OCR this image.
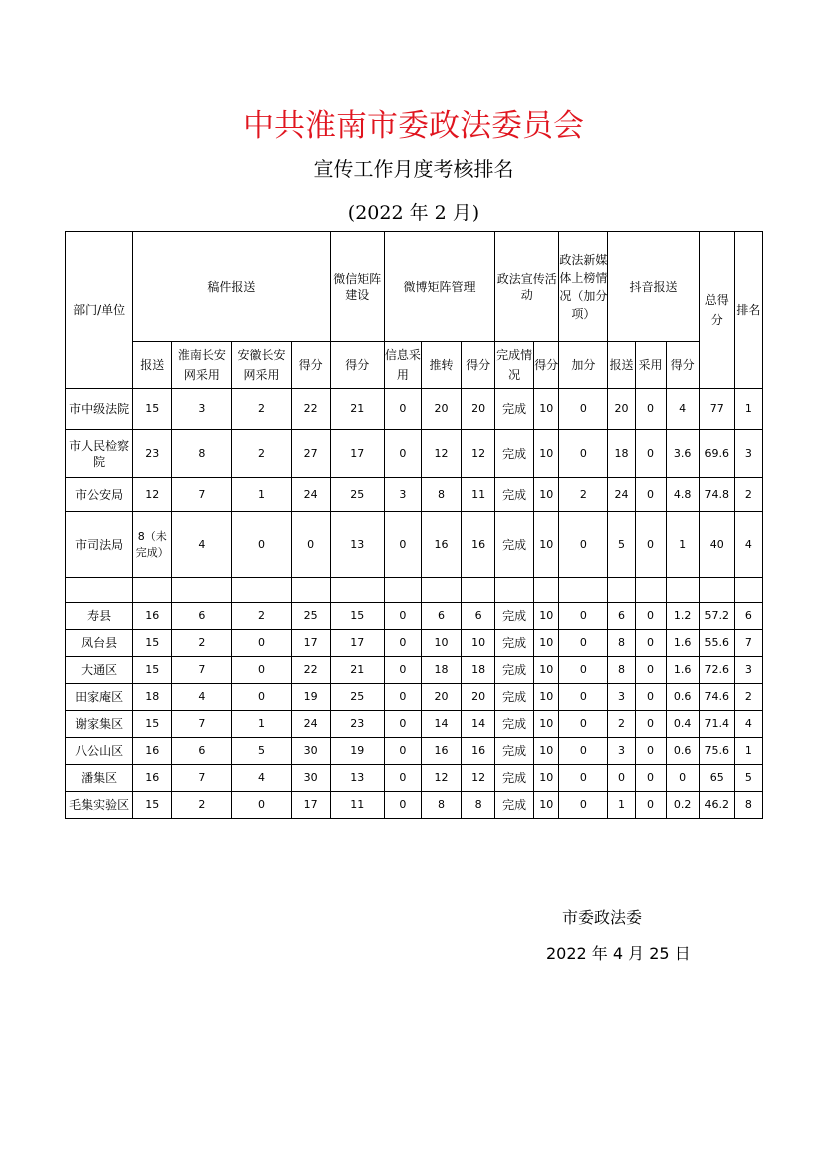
中共淮南市委政法委员会
宣传工作月度考核排名
(2022 年 2 月)
部门/单位	稿件报送				微信矩阵建设	微博矩阵管理			政法宣传活动		政法新媒体上榜情况（加分项）	抖音报送			总得分	排名
	报送	淮南长安网采用	安徽长安网采用	得分	得分	信息采用	推转	得分	完成情况	得分	加分	报送	采用	得分		
市中级法院	15	3	2	22	21	0	20	20	完成	10	0	20	0	4	77	1
市人民检察院	23	8	2	27	17	0	12	12	完成	10	0	18	0	3.6	69.6	3
市公安局	12	7	1	24	25	3	8	11	完成	10	2	24	0	4.8	74.8	2
市司法局	8（未完成）	4	0	0	13	0	16	16	完成	10	0	5	0	1	40	4

寿县	16	6	2	25	15	0	6	6	完成	10	0	6	0	1.2	57.2	6
凤台县	15	2	0	17	17	0	10	10	完成	10	0	8	0	1.6	55.6	7
大通区	15	7	0	22	21	0	18	18	完成	10	0	8	0	1.6	72.6	3
田家庵区	18	4	0	19	25	0	20	20	完成	10	0	3	0	0.6	74.6	2
谢家集区	15	7	1	24	23	0	14	14	完成	10	0	2	0	0.4	71.4	4
八公山区	16	6	5	30	19	0	16	16	完成	10	0	3	0	0.6	75.6	1
潘集区	16	7	4	30	13	0	12	12	完成	10	0	0	0	0	65	5
毛集实验区	15	2	0	17	11	0	8	8	完成	10	0	1	0	0.2	46.2	8
市委政法委
2022 年 4 月 25 日
